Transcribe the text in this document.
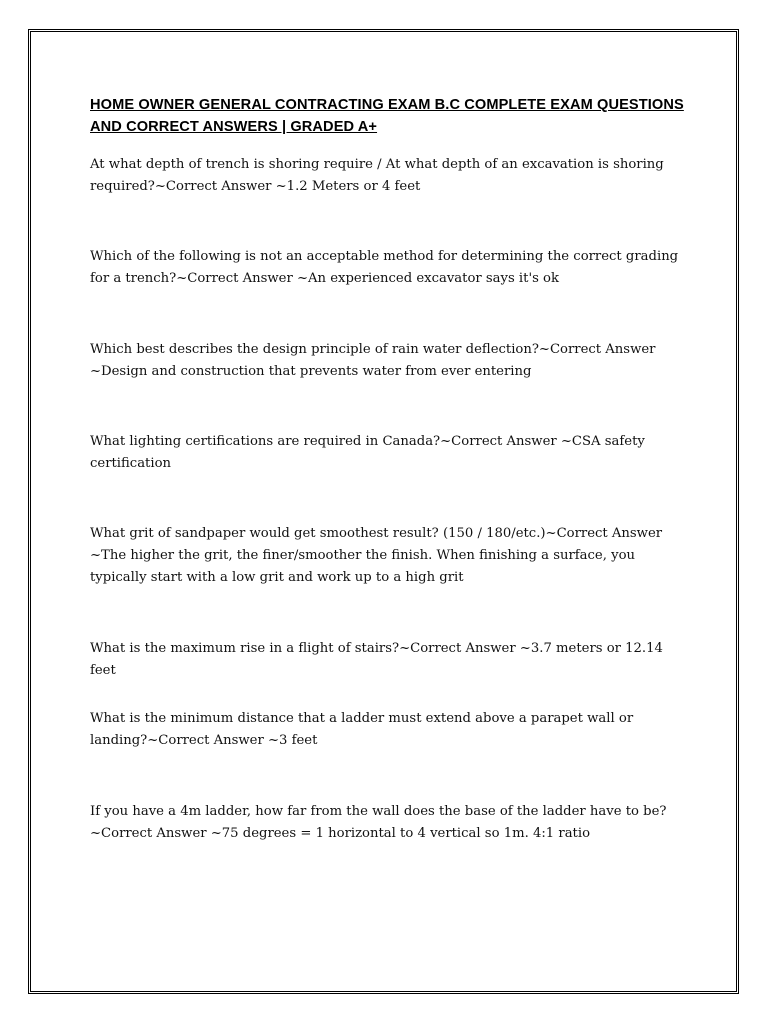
HOME OWNER GENERAL CONTRACTING EXAM B.C COMPLETE EXAM QUESTIONS AND CORRECT ANSWERS | GRADED A+

At what depth of trench is shoring require / At what depth of an excavation is shoring required?~Correct Answer ~1.2 Meters or 4 feet

Which of the following is not an acceptable method for determining the correct grading for a trench?~Correct Answer ~An experienced excavator says it's ok

Which best describes the design principle of rain water deflection?~Correct Answer ~Design and construction that prevents water from ever entering

What lighting certifications are required in Canada?~Correct Answer ~CSA safety certification

What grit of sandpaper would get smoothest result? (150 / 180/etc.)~Correct Answer ~The higher the grit, the finer/smoother the finish. When finishing a surface, you typically start with a low grit and work up to a high grit

What is the maximum rise in a flight of stairs?~Correct Answer ~3.7 meters or 12.14 feet

What is the minimum distance that a ladder must extend above a parapet wall or landing?~Correct Answer ~3 feet

If you have a 4m ladder, how far from the wall does the base of the ladder have to be?~Correct Answer ~75 degrees = 1 horizontal to 4 vertical so 1m. 4:1 ratio
